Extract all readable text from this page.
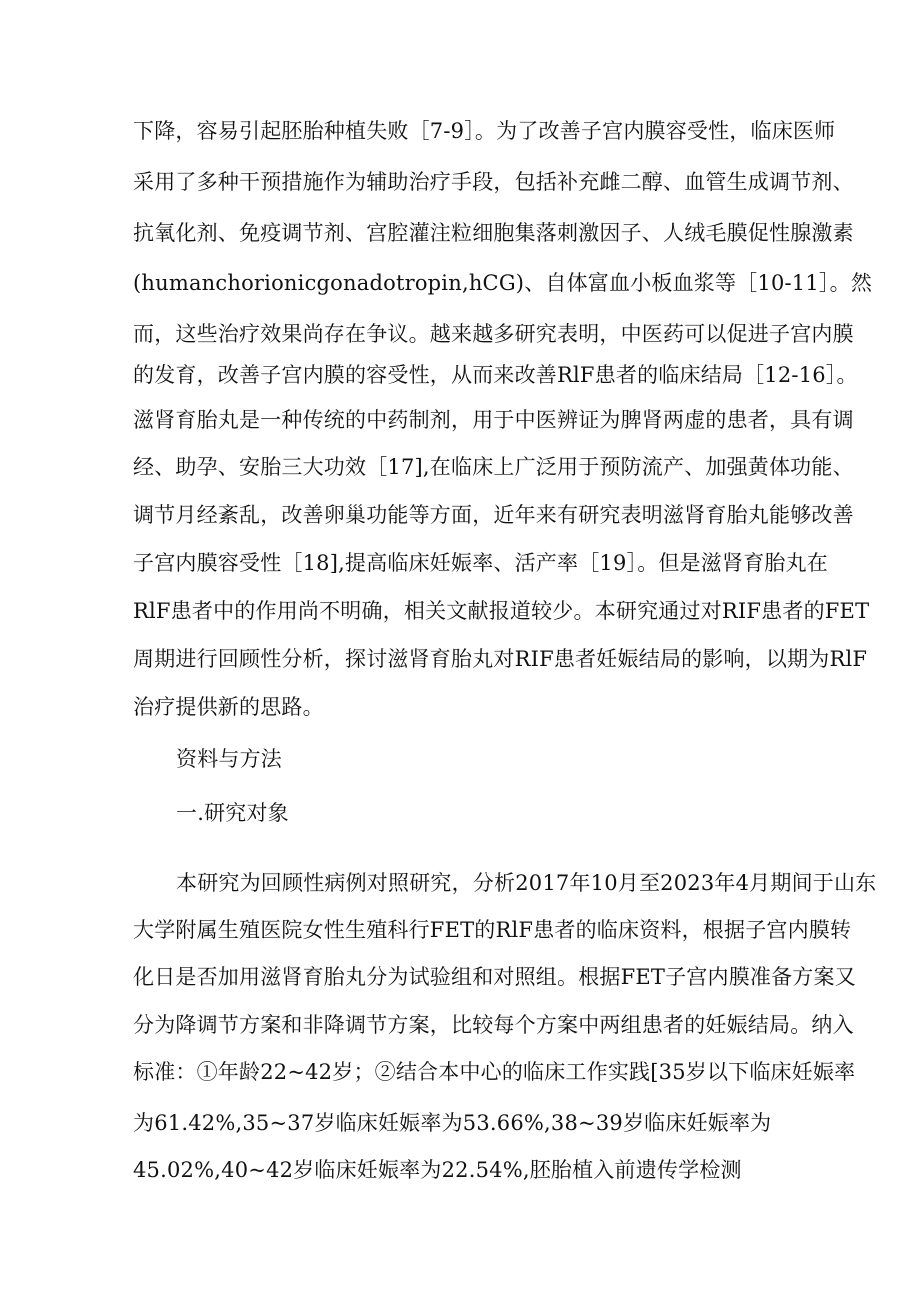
下降，容易引起胚胎种植失败［7-9］。为了改善子宫内膜容受性，临床医师
采用了多种干预措施作为辅助治疗手段，包括补充雌二醇、血管生成调节剂、
抗氧化剂、免疫调节剂、宫腔灌注粒细胞集落刺激因子、人绒毛膜促性腺激素
(humanchorionicgonadotropin,hCG)、自体富血小板血浆等［10-11］。然
而，这些治疗效果尚存在争议。越来越多研究表明，中医药可以促进子宫内膜
的发育，改善子宫内膜的容受性，从而来改善RlF患者的临床结局［12-16］。
滋肾育胎丸是一种传统的中药制剂，用于中医辨证为脾肾两虚的患者，具有调
经、助孕、安胎三大功效［17],在临床上广泛用于预防流产、加强黄体功能、
调节月经紊乱，改善卵巢功能等方面，近年来有研究表明滋肾育胎丸能够改善
子宫内膜容受性［18],提高临床妊娠率、活产率［19］。但是滋肾育胎丸在
RlF患者中的作用尚不明确，相关文献报道较少。本研究通过对RIF患者的FET
周期进行回顾性分析，探讨滋肾育胎丸对RIF患者妊娠结局的影响，以期为RlF
治疗提供新的思路。
资料与方法
一.研究对象
本研究为回顾性病例对照研究，分析2017年10月至2023年4月期间于山东
大学附属生殖医院女性生殖科行FET的RlF患者的临床资料，根据子宫内膜转
化日是否加用滋肾育胎丸分为试验组和对照组。根据FET子宫内膜准备方案又
分为降调节方案和非降调节方案，比较每个方案中两组患者的妊娠结局。纳入
标准：①年龄22~42岁；②结合本中心的临床工作实践[35岁以下临床妊娠率
为61.42%,35~37岁临床妊娠率为53.66%,38~39岁临床妊娠率为
45.02%,40~42岁临床妊娠率为22.54%,胚胎植入前遗传学检测
